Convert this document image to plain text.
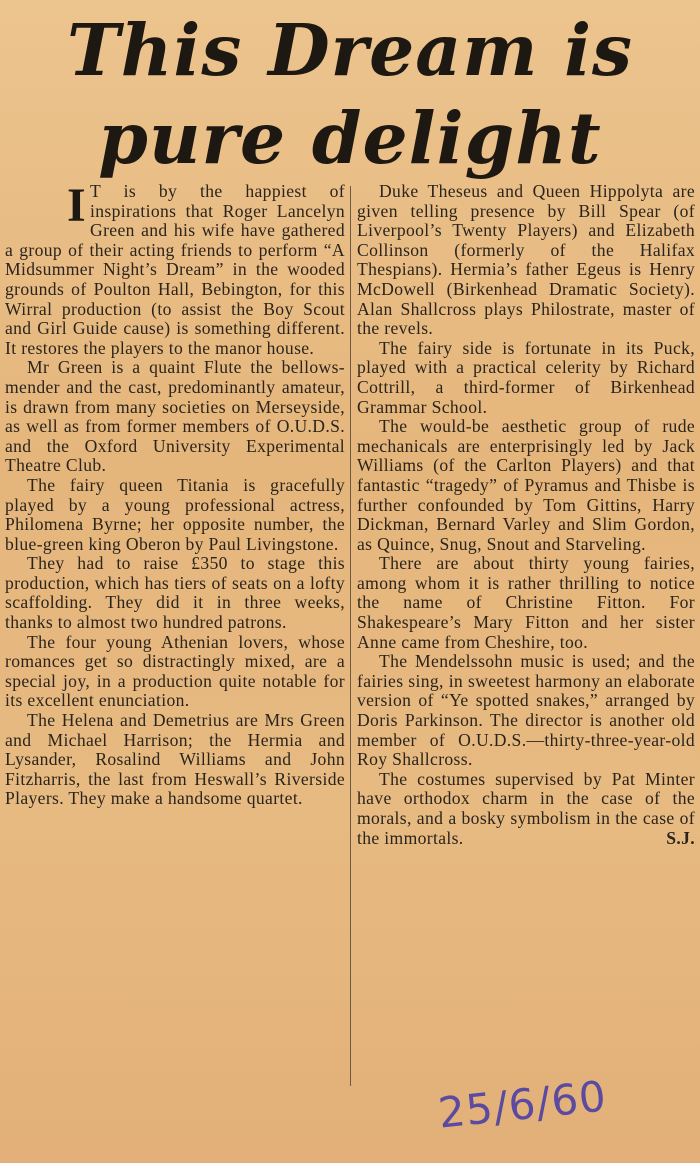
This Dream is
pure delight

I T is by the happiest of inspirations that Roger Lancelyn Green and his wife have gathered a group of their acting friends to perform “A Midsummer Night’s Dream” in the wooded grounds of Poulton Hall, Bebington, for this Wirral production (to assist the Boy Scout and Girl Guide cause) is something different. It restores the players to the manor house.

Mr Green is a quaint Flute the bellows-mender and the cast, predominantly amateur, is drawn from many societies on Merseyside, as well as from former members of O.U.D.S. and the Oxford University Experimental Theatre Club.

The fairy queen Titania is gracefully played by a young professional actress, Philomena Byrne; her opposite number, the blue-green king Oberon by Paul Livingstone.

They had to raise £350 to stage this production, which has tiers of seats on a lofty scaffolding. They did it in three weeks, thanks to almost two hundred patrons.

The four young Athenian lovers, whose romances get so distractingly mixed, are a special joy, in a production quite notable for its excellent enunciation.

The Helena and Demetrius are Mrs Green and Michael Harrison; the Hermia and Lysander, Rosalind Williams and John Fitzharris, the last from Heswall’s Riverside Players. They make a handsome quartet.

Duke Theseus and Queen Hippolyta are given telling presence by Bill Spear (of Liverpool’s Twenty Players) and Elizabeth Collinson (formerly of the Halifax Thespians). Hermia’s father Egeus is Henry McDowell (Birkenhead Dramatic Society). Alan Shallcross plays Philostrate, master of the revels.

The fairy side is fortunate in its Puck, played with a practical celerity by Richard Cottrill, a third-former of Birkenhead Grammar School.

The would-be aesthetic group of rude mechanicals are enterprisingly led by Jack Williams (of the Carlton Players) and that fantastic “tragedy” of Pyramus and Thisbe is further confounded by Tom Gittins, Harry Dickman, Bernard Varley and Slim Gordon, as Quince, Snug, Snout and Starveling.

There are about thirty young fairies, among whom it is rather thrilling to notice the name of Christine Fitton. For Shakespeare’s Mary Fitton and her sister Anne came from Cheshire, too.

The Mendelssohn music is used; and the fairies sing, in sweetest harmony an elaborate version of “Ye spotted snakes,” arranged by Doris Parkinson. The director is another old member of O.U.D.S.—thirty-three-year-old Roy Shallcross.

The costumes supervised by Pat Minter have orthodox charm in the case of the morals, and a bosky symbolism in the case of the immortals.	S.J.

25/6/60
